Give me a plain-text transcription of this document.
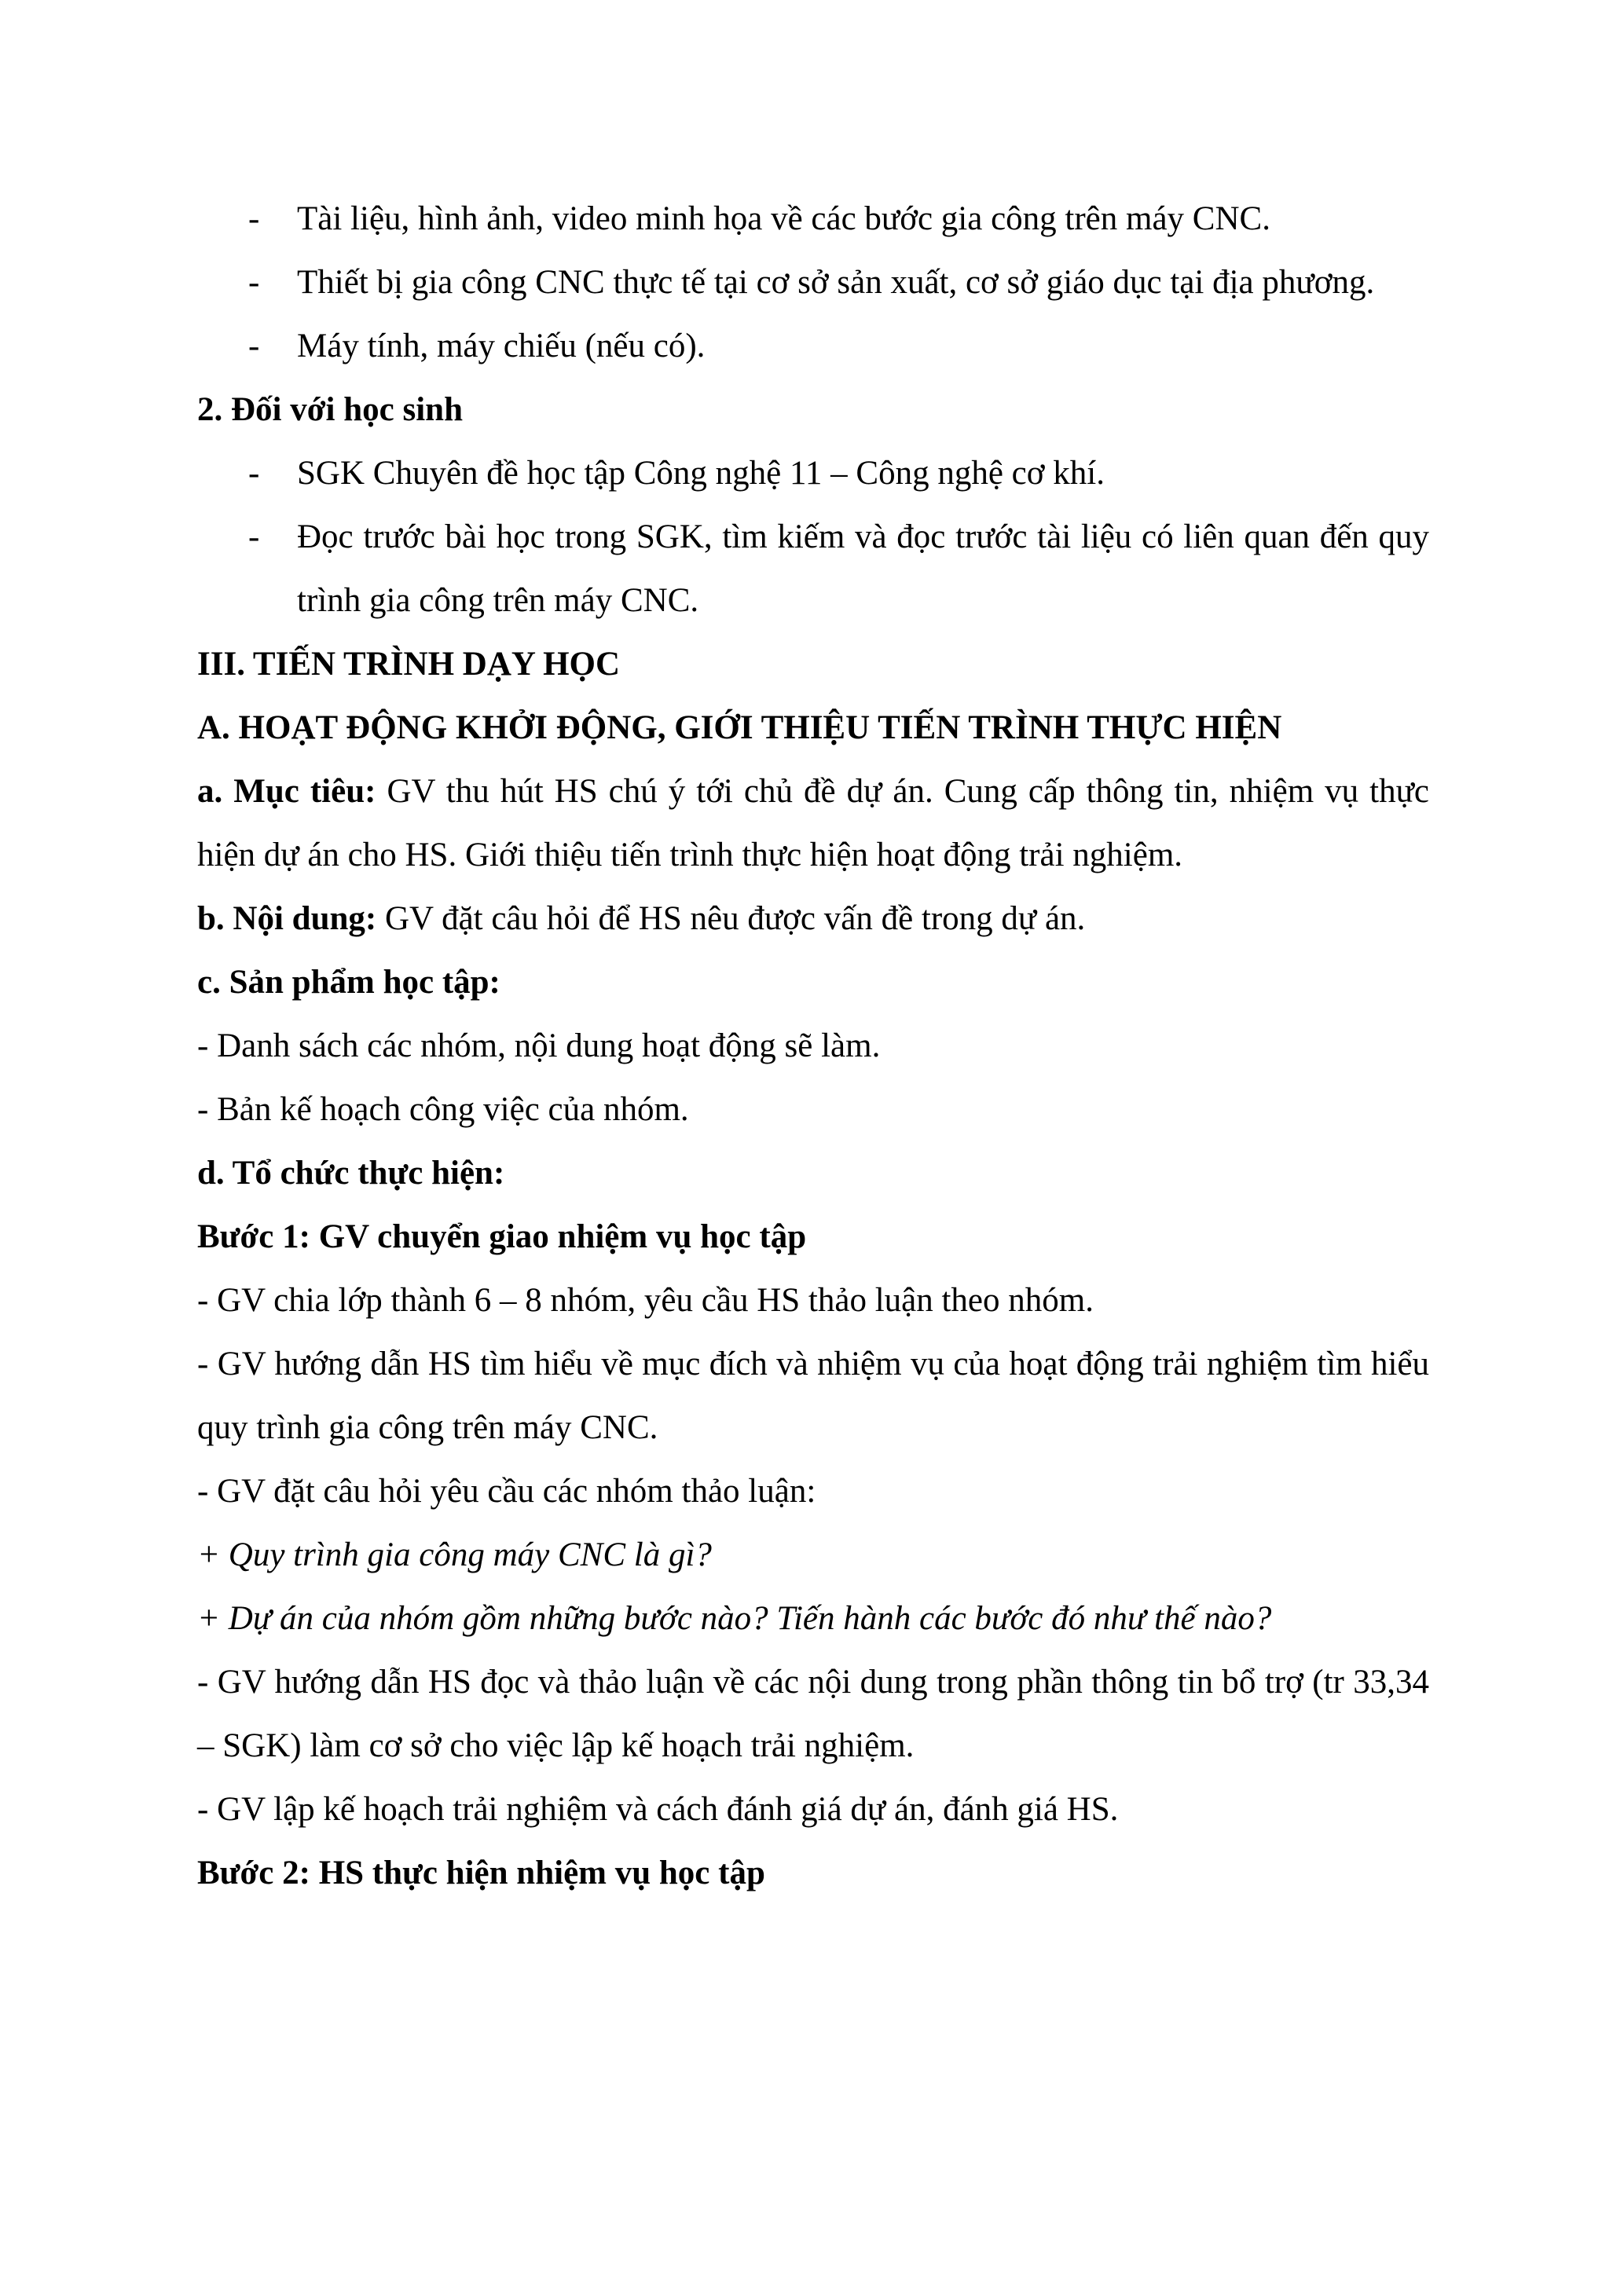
-	Tài liệu, hình ảnh, video minh họa về các bước gia công trên máy CNC.
-	Thiết bị gia công CNC thực tế tại cơ sở sản xuất, cơ sở giáo dục tại địa phương.
-	Máy tính, máy chiếu (nếu có).
2. Đối với học sinh
-	SGK Chuyên đề học tập Công nghệ 11 – Công nghệ cơ khí.
-	Đọc trước bài học trong SGK, tìm kiếm và đọc trước tài liệu có liên quan đến quy trình gia công trên máy CNC.
III. TIẾN TRÌNH DẠY HỌC
A. HOẠT ĐỘNG KHỞI ĐỘNG, GIỚI THIỆU TIẾN TRÌNH THỰC HIỆN
a. Mục tiêu: GV thu hút HS chú ý tới chủ đề dự án. Cung cấp thông tin, nhiệm vụ thực hiện dự án cho HS. Giới thiệu tiến trình thực hiện hoạt động trải nghiệm.
b. Nội dung: GV đặt câu hỏi để HS nêu được vấn đề trong dự án.
c. Sản phẩm học tập:
- Danh sách các nhóm, nội dung hoạt động sẽ làm.
- Bản kế hoạch công việc của nhóm.
d. Tổ chức thực hiện:
Bước 1: GV chuyển giao nhiệm vụ học tập
- GV chia lớp thành 6 – 8 nhóm, yêu cầu HS thảo luận theo nhóm.
- GV hướng dẫn HS tìm hiểu về mục đích và nhiệm vụ của hoạt động trải nghiệm tìm hiểu quy trình gia công trên máy CNC.
- GV đặt câu hỏi yêu cầu các nhóm thảo luận:
+ Quy trình gia công máy CNC là gì?
+ Dự án của nhóm gồm những bước nào? Tiến hành các bước đó như thế nào?
- GV hướng dẫn HS đọc và thảo luận về các nội dung trong phần thông tin bổ trợ (tr 33,34 – SGK) làm cơ sở cho việc lập kế hoạch trải nghiệm.
- GV lập kế hoạch trải nghiệm và cách đánh giá dự án, đánh giá HS.
Bước 2: HS thực hiện nhiệm vụ học tập
